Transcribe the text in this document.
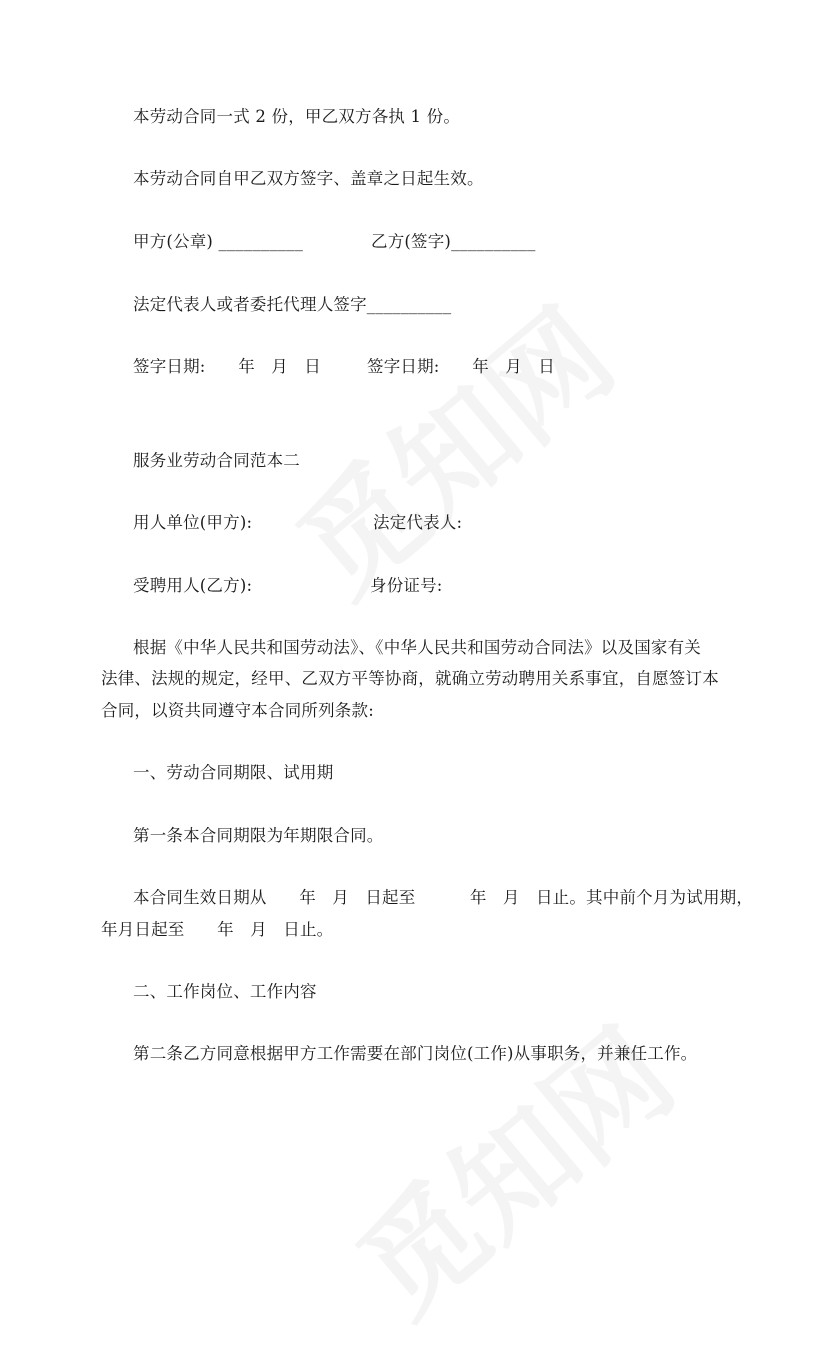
本劳动合同一式 2 份，甲乙双方各执 1 份。
本劳动合同自甲乙双方签字、盖章之日起生效。
甲方(公章) __________	乙方(签字)__________
法定代表人或者委托代理人签字__________
签字日期:      年   月   日	签字日期:      年   月   日
服务业劳动合同范本二
用人单位(甲方):	法定代表人:
受聘用人(乙方):	身份证号:
根据《中华人民共和国劳动法》、《中华人民共和国劳动合同法》以及国家有关
法律、法规的规定，经甲、乙双方平等协商，就确立劳动聘用关系事宜，自愿签订本
合同，以资共同遵守本合同所列条款:
一、劳动合同期限、试用期
第一条本合同期限为年期限合同。
本合同生效日期从      年   月   日起至          年   月   日止。其中前个月为试用期，
年月日起至      年   月   日止。
二、工作岗位、工作内容
第二条乙方同意根据甲方工作需要在部门岗位(工作)从事职务，并兼任工作。
